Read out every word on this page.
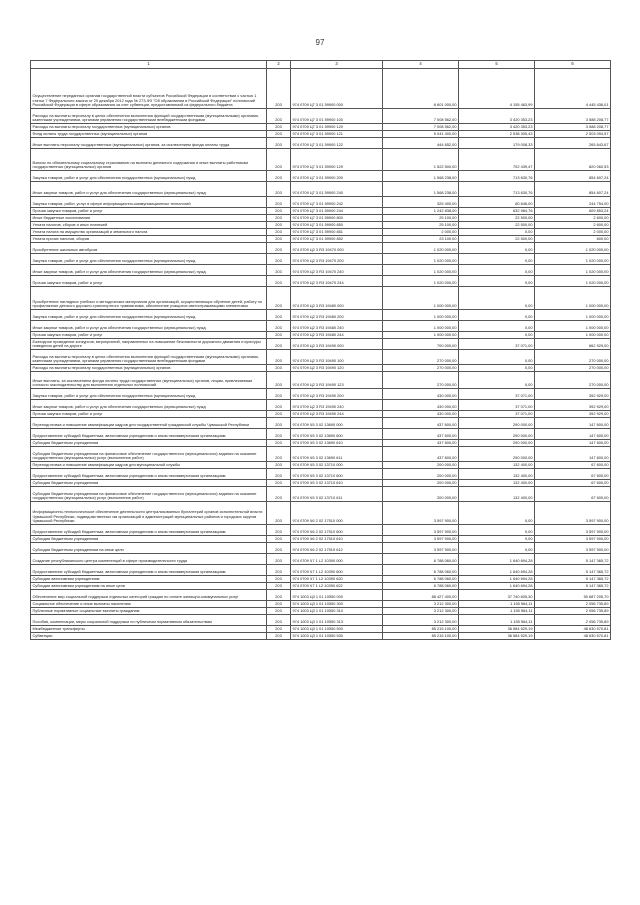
97
1	2	3	4	5	6
Осуществление переданных органам государственной власти субъектов Российской Федерации в соответствии с частью 1 статьи 7 Федерального закона от 29 декабря 2012 года № 273-ФЗ "Об образовании в Российской Федерации" полномочий Российской Федерации в сфере образования за счет субвенции, предоставляемой из федерального бюджета	203	974 0709 Ц7 3 01 59900 000	8 601 000,00	4 155 463,99	4 445 436,01
Расходы на выплаты персоналу в целях обеспечения выполнения функций государственными (муниципальными) органами, казенными учреждениями, органами управления государственными внебюджетными фондами	203	974 0709 Ц7 3 01 59900 100	7 008 562,00	3 420 353,23	3 588 208,77
Расходы на выплаты персоналу государственных (муниципальных) органов	203	974 0709 Ц7 3 01 59900 120	7 008 562,00	3 420 353,23	3 588 208,77
Фонд оплаты труда государственных (муниципальных) органов	203	974 0709 Ц7 3 01 59900 121	5 041 400,00	2 538 305,43	2 503 094,57
Иные выплаты персоналу государственных (муниципальных) органов, за исключением фонда оплаты труда	203	974 0709 Ц7 3 01 59900 122	444 652,00	179 008,33	265 643,67
Взносы по обязательному социальному страхованию на выплаты денежного содержания и иные выплаты работникам государственных (муниципальных) органов	203	974 0709 Ц7 3 01 59900 129	1 522 500,00	702 439,47	820 060,53
Закупка товаров, работ и услуг для обеспечения государственных (муниципальных) нужд	203	974 0709 Ц7 3 01 59900 200	1 568 238,00	713 630,76	854 607,24
Иные закупки товаров, работ и услуг для обеспечения государственных (муниципальных) нужд	203	974 0709 Ц7 3 01 59900 240	1 568 238,00	713 630,76	854 607,24
Закупка товаров, работ, услуг в сфере информационно-коммуникационных технологий	203	974 0709 Ц7 3 01 59900 242	325 400,00	80 646,00	244 754,00
Прочая закупка товаров, работ и услуг	203	974 0709 Ц7 3 01 59900 244	1 242 838,00	632 984,76	609 853,24
Иные бюджетные ассигнования	203	974 0709 Ц7 3 01 59900 800	25 100,00	22 500,00	2 600,00
Уплата налогов, сборов и иных платежей	203	974 0709 Ц7 3 01 59900 850	25 100,00	22 500,00	2 600,00
Уплата налога на имущество организаций и земельного налога	203	974 0709 Ц7 3 01 59900 851	2 000,00	0,00	2 000,00
Уплата прочих налогов, сборов	203	974 0709 Ц7 3 01 59900 852	23 100,00	22 500,00	600,00
Приобретение школьных автобусов	203	974 0709 Ц2 3 R3 19470 000	1 020 000,00	0,00	1 020 000,00
Закупка товаров, работ и услуг для обеспечения государственных (муниципальных) нужд	203	974 0709 Ц2 3 R3 19470 200	1 020 000,00	0,00	1 020 000,00
Иные закупки товаров, работ и услуг для обеспечения государственных (муниципальных) нужд	203	974 0709 Ц2 3 R3 19470 240	1 020 000,00	0,00	1 020 000,00
Прочая закупка товаров, работ и услуг	203	974 0709 Ц2 3 R3 19470 244	1 020 000,00	0,00	1 020 000,00
Приобретение наглядных учебных и методических материалов для организаций, осуществляющих обучение детей, работу по профилактике детского дорожно-транспортного травматизма, обеспечение учащихся светоотражающими элементами	203	974 0709 Ц2 3 R3 19480 000	1 000 000,00	0,00	1 000 000,00
Закупка товаров, работ и услуг для обеспечения государственных (муниципальных) нужд	203	974 0709 Ц2 3 R3 19480 200	1 000 000,00	0,00	1 000 000,00
Иные закупки товаров, работ и услуг для обеспечения государственных (муниципальных) нужд	203	974 0709 Ц2 3 R3 19480 240	1 000 000,00	0,00	1 000 000,00
Прочая закупка товаров, работ и услуг	203	974 0709 Ц2 3 R3 19480 244	1 000 000,00	0,00	1 000 000,00
Ежегодное проведение конкурсов, мероприятий, направленных на повышение безопасности дорожного движения и культуры поведения детей на дороге	203	974 0709 Ц2 3 R3 19490 000	700 000,00	37 071,00	662 929,00
Расходы на выплаты персоналу в целях обеспечения выполнения функций государственными (муниципальными) органами, казенными учреждениями, органами управления государственными внебюджетными фондами	203	974 0709 Ц2 3 R3 19490 100	270 000,00	0,00	270 000,00
Расходы на выплаты персоналу государственных (муниципальных) органов	203	974 0709 Ц2 3 R3 19490 120	270 000,00	0,00	270 000,00
Иные выплаты, за исключением фонда оплаты труда государственных (муниципальных) органов, лицам, привлекаемым согласно законодательству для выполнения отдельных полномочий	203	974 0709 Ц2 3 R3 19490 123	270 000,00	0,00	270 000,00
Закупка товаров, работ и услуг для обеспечения государственных (муниципальных) нужд	203	974 0709 Ц2 3 R3 19490 200	430 000,00	37 071,00	392 929,00
Иные закупки товаров, работ и услуг для обеспечения государственных (муниципальных) нужд	203	974 0709 Ц2 3 R3 19490 240	430 000,00	37 071,00	392 929,00
Прочая закупка товаров, работ и услуг	203	974 0709 Ц2 3 R3 19490 244	430 000,00	37 071,00	392 929,00
Переподготовка и повышение квалификации кадров для государственной гражданской службы Чувашской Республики	203	974 0709 Ч5 3 02 13690 000	437 600,00	290 000,00	147 600,00
Предоставление субсидий бюджетным, автономным учреждениям и иным некоммерческим организациям	203	974 0709 Ч5 3 02 13690 600	437 600,00	290 000,00	147 600,00
Субсидии бюджетным учреждениям	203	974 0709 Ч5 3 02 13690 610	437 600,00	290 000,00	147 600,00
Субсидии бюджетным учреждениям на финансовое обеспечение государственного (муниципального) задания на оказание государственных (муниципальных) услуг (выполнение работ)	203	974 0709 Ч5 3 02 13690 611	437 600,00	290 000,00	147 600,00
Переподготовка и повышение квалификации кадров для муниципальной службы	203	974 0709 Ч5 3 02 13710 000	200 000,00	132 400,00	67 600,00
Предоставление субсидий бюджетным, автономным учреждениям и иным некоммерческим организациям	203	974 0709 Ч5 3 02 13710 600	200 000,00	132 400,00	67 600,00
Субсидии бюджетным учреждениям	203	974 0709 Ч5 3 02 13710 610	200 000,00	132 400,00	67 600,00
Субсидии бюджетным учреждениям на финансовое обеспечение государственного (муниципального) задания на оказание государственных (муниципальных) услуг (выполнение работ)	203	974 0709 Ч5 3 02 13710 611	200 000,00	132 400,00	67 600,00
Информационно-технологическое обеспечение деятельности централизованных бухгалтерий органов исполнительной власти Чувашской Республики, подведомственных им организаций и администраций муниципальных районов и городских округов Чувашской Республики	203	974 0709 Ч6 2 02 17510 000	3 597 900,00	0,00	3 597 900,00
Предоставление субсидий бюджетным, автономным учреждениям и иным некоммерческим организациям	203	974 0709 Ч6 2 02 17510 600	3 597 900,00	0,00	3 597 900,00
Субсидии бюджетным учреждениям	203	974 0709 Ч6 2 02 17510 610	3 597 900,00	0,00	3 597 900,00
Субсидии бюджетным учреждениям на иные цели	203	974 0709 Ч6 2 02 17510 612	3 597 900,00	0,00	3 597 900,00
Создание республиканского центра компетенций в сфере производительности труда	203	974 0709 Ч7 1 L2 10390 000	6 788 060,00	1 640 694,28	5 147 365,72
Предоставление субсидий бюджетным, автономным учреждениям и иным некоммерческим организациям	203	974 0709 Ч7 1 L2 10390 600	6 788 060,00	1 640 694,28	5 147 365,72
Субсидии автономным учреждениям	203	974 0709 Ч7 1 L2 10390 620	6 788 060,00	1 640 694,28	5 147 365,72
Субсидии автономным учреждениям на иные цели	203	974 0709 Ч7 1 L2 10390 622	6 788 060,00	1 640 694,28	5 147 365,72
Обеспечение мер социальной поддержки отдельных категорий граждан по оплате жилищно-коммунальных услуг	203	974 1003 Ц3 1 01 10550 000	88 427 400,00	37 740 605,30	50 687 205,70
Социальное обеспечение и иные выплаты населению	203	974 1003 Ц3 1 01 10550 300	3 212 300,00	1 155 564,11	2 056 735,89
Публичные нормативные социальные выплаты гражданам	203	974 1003 Ц3 1 01 10550 310	3 212 300,00	1 155 564,11	2 056 735,89
Пособия, компенсации, меры социальной поддержки по публичным нормативным обязательствам	203	974 1003 Ц3 1 01 10550 313	3 212 300,00	1 155 564,11	2 056 735,89
Межбюджетные трансферты	203	974 1003 Ц3 1 01 10550 500	85 215 100,00	36 584 529,19	48 630 570,81
Субвенции	203	974 1003 Ц3 1 01 10550 530	85 215 100,00	36 584 529,19	48 630 570,81
